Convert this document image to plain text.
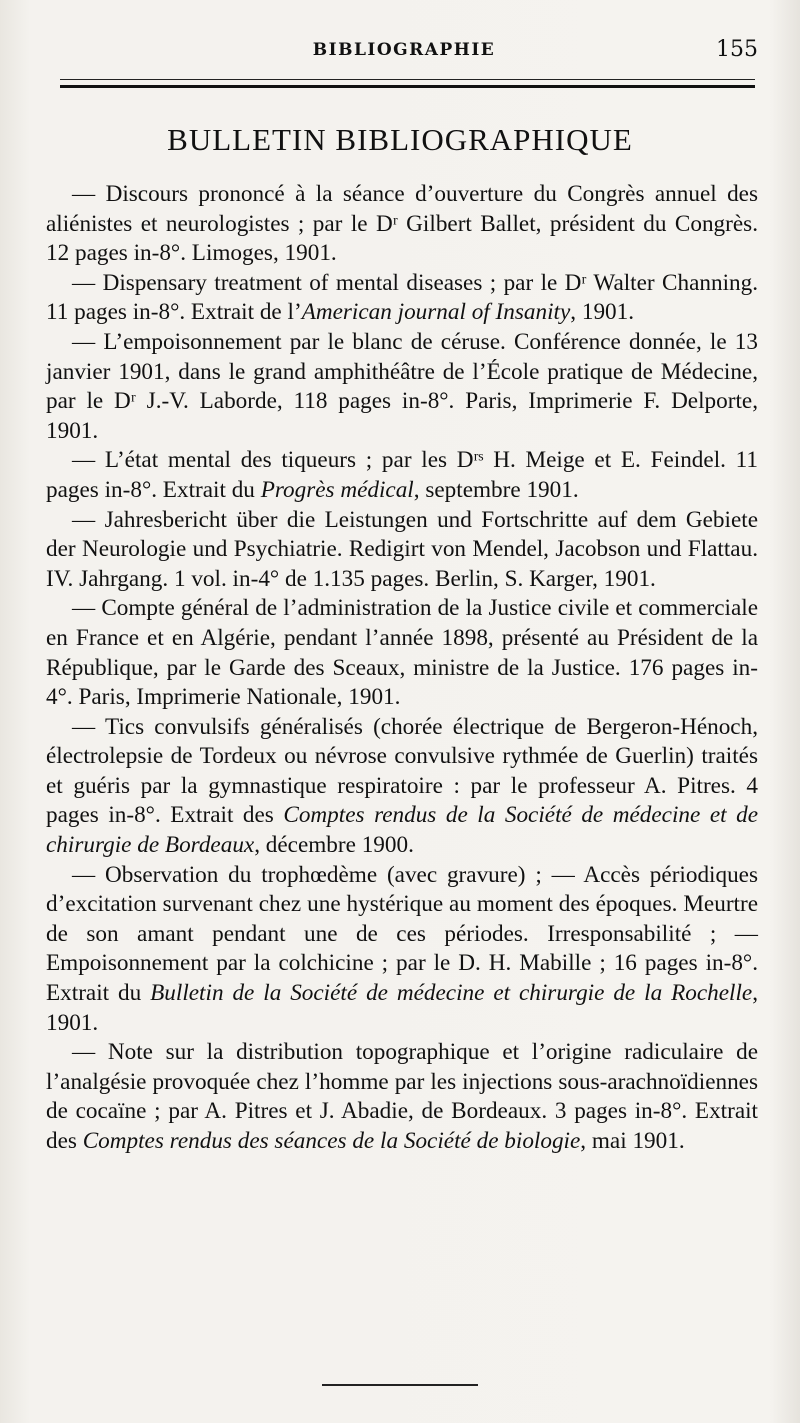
BIBLIOGRAPHIE	155
BULLETIN BIBLIOGRAPHIQUE

— Discours prononcé à la séance d’ouverture du Congrès annuel des aliénistes et neurologistes ; par le Dʳ Gilbert Ballet, président du Congrès. 12 pages in-8°. Limoges, 1901.

— Dispensary treatment of mental diseases ; par le Dʳ Walter Channing. 11 pages in-8°. Extrait de l’American journal of Insanity, 1901.

— L’empoisonnement par le blanc de céruse. Conférence donnée, le 13 janvier 1901, dans le grand amphithéâtre de l’École pratique de Médecine, par le Dʳ J.-V. Laborde, 118 pages in-8°. Paris, Imprimerie F. Delporte, 1901.

— L’état mental des tiqueurs ; par les Dʳˢ H. Meige et E. Feindel. 11 pages in-8°. Extrait du Progrès médical, septembre 1901.

— Jahresbericht über die Leistungen und Fortschritte auf dem Gebiete der Neurologie und Psychiatrie. Redigirt von Mendel, Jacobson und Flattau. IV. Jahrgang. 1 vol. in-4° de 1.135 pages. Berlin, S. Karger, 1901.

— Compte général de l’administration de la Justice civile et commerciale en France et en Algérie, pendant l’année 1898, présenté au Président de la République, par le Garde des Sceaux, ministre de la Justice. 176 pages in-4°. Paris, Imprimerie Nationale, 1901.

— Tics convulsifs généralisés (chorée électrique de Bergeron-Hénoch, électrolepsie de Tordeux ou névrose convulsive rythmée de Guerlin) traités et guéris par la gymnastique respiratoire : par le professeur A. Pitres. 4 pages in-8°. Extrait des Comptes rendus de la Société de médecine et de chirurgie de Bordeaux, décembre 1900.

— Observation du trophœdème (avec gravure) ; — Accès périodiques d’excitation survenant chez une hystérique au moment des époques. Meurtre de son amant pendant une de ces périodes. Irresponsabilité ; — Empoisonnement par la colchicine ; par le D. H. Mabille ; 16 pages in-8°. Extrait du Bulletin de la Société de médecine et chirurgie de la Rochelle, 1901.

— Note sur la distribution topographique et l’origine radiculaire de l’analgésie provoquée chez l’homme par les injections sous-arachnoïdiennes de cocaïne ; par A. Pitres et J. Abadie, de Bordeaux. 3 pages in-8°. Extrait des Comptes rendus des séances de la Société de biologie, mai 1901.
